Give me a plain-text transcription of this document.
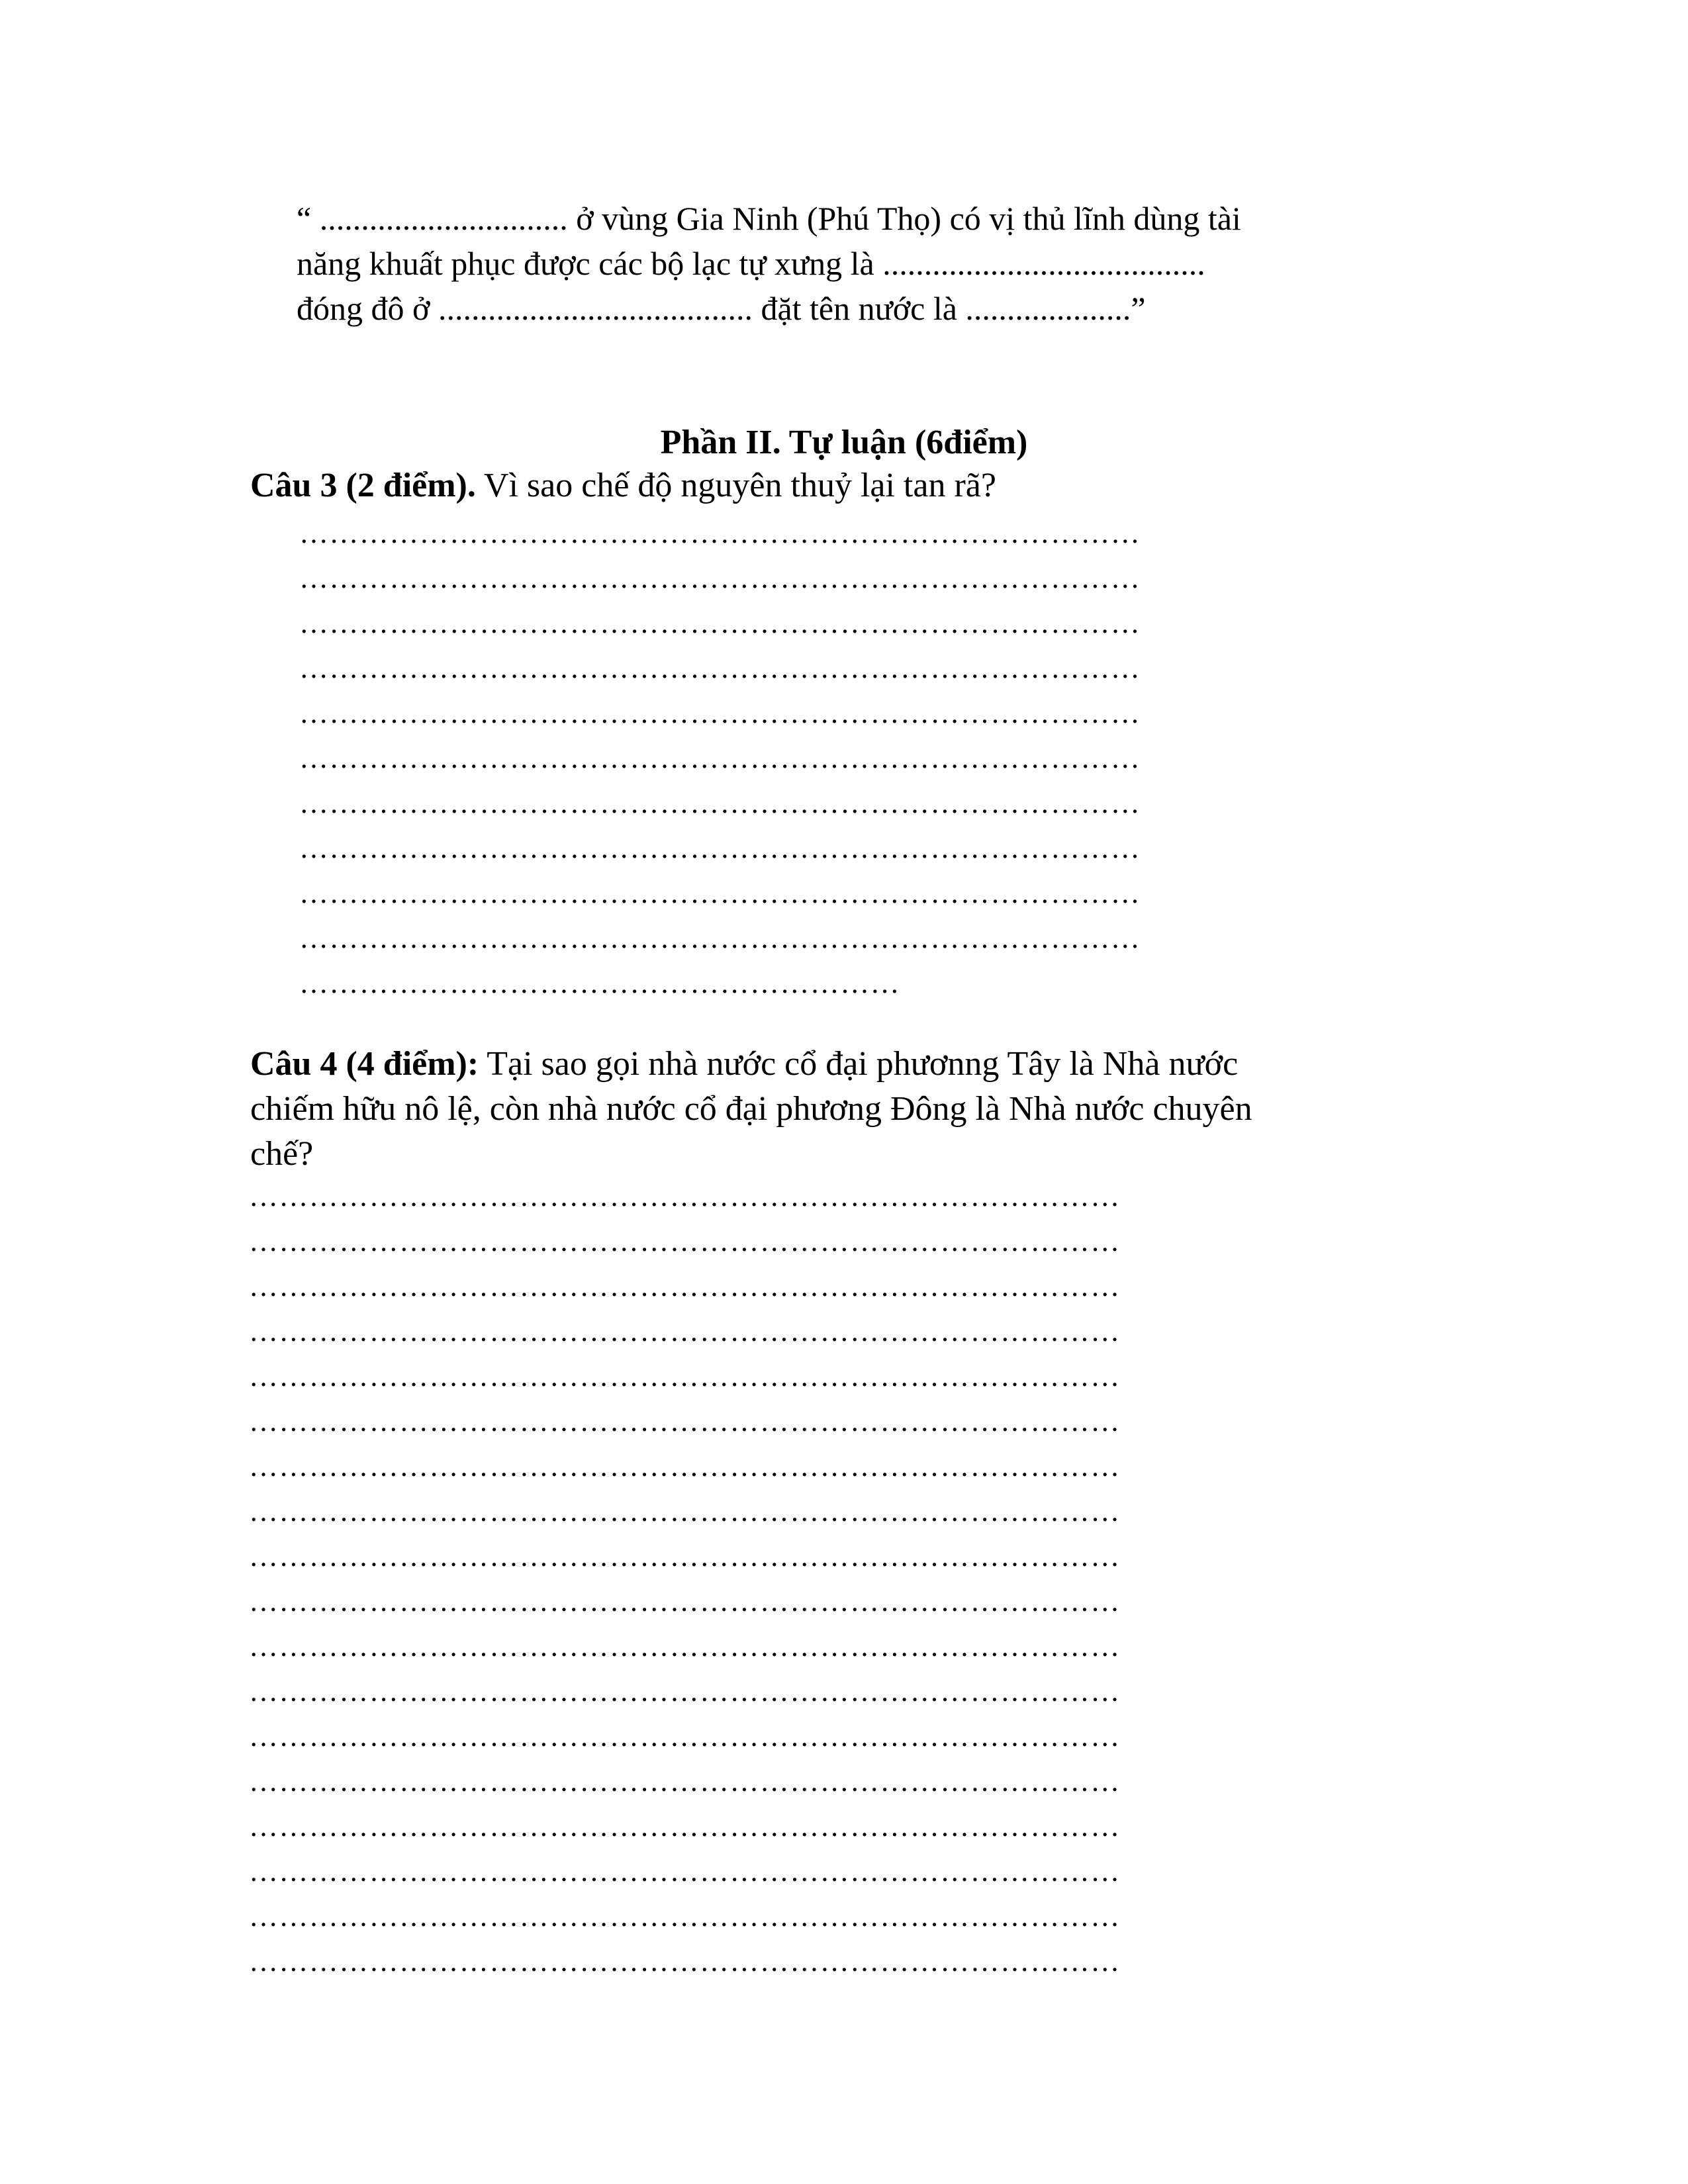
“ .............................. ở vùng Gia Ninh (Phú Thọ) có vị thủ lĩnh dùng tài

năng khuất phục được các bộ lạc tự xưng là .......................................

đóng đô ở ...................................... đặt tên nước là ....................”

Phần II. Tự luận (6điểm)
Câu 3 (2 điểm). Vì sao chế độ nguyên thuỷ lại tan rã?
…………………………………………………………………………
…………………………………………………………………………
…………………………………………………………………………
…………………………………………………………………………
…………………………………………………………………………
…………………………………………………………………………
…………………………………………………………………………
…………………………………………………………………………
…………………………………………………………………………
…………………………………………………………………………
……………………………………………………

Câu 4 (4 điểm): Tại sao gọi nhà nước cổ đại phươnng Tây là Nhà nước

chiếm hữu nô lệ, còn nhà nước cổ đại phương Đông là Nhà nước chuyên

chế?

……………………………………………………………………………
……………………………………………………………………………
……………………………………………………………………………
……………………………………………………………………………
……………………………………………………………………………
……………………………………………………………………………
……………………………………………………………………………
……………………………………………………………………………
……………………………………………………………………………
……………………………………………………………………………
……………………………………………………………………………
……………………………………………………………………………
……………………………………………………………………………
……………………………………………………………………………
……………………………………………………………………………
……………………………………………………………………………
……………………………………………………………………………
……………………………………………………………………………
